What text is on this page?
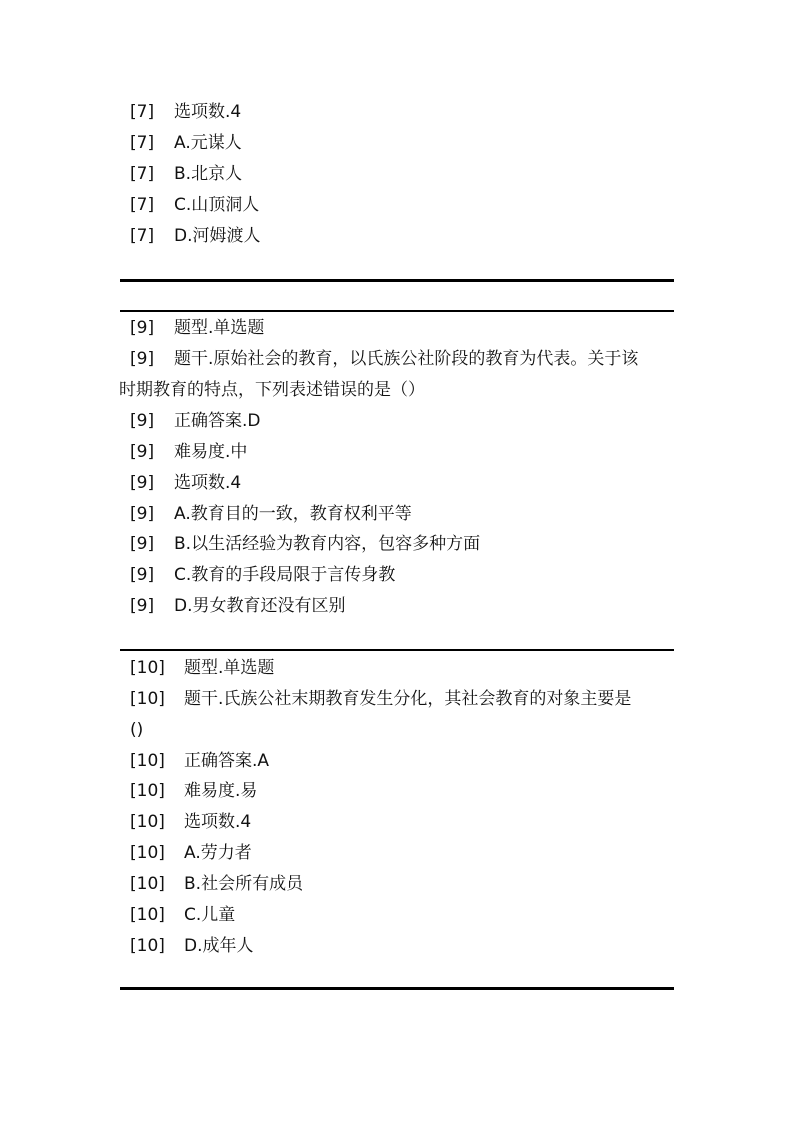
[7] 选项数.4
[7] A.元谋人
[7] B.北京人
[7] C.山顶洞人
[7] D.河姆渡人
[9] 题型.单选题
[9] 题干.原始社会的教育，以氏族公社阶段的教育为代表。关于该
时期教育的特点，下列表述错误的是（）
[9] 正确答案.D
[9] 难易度.中
[9] 选项数.4
[9] A.教育目的一致，教育权利平等
[9] B.以生活经验为教育内容，包容多种方面
[9] C.教育的手段局限于言传身教
[9] D.男女教育还没有区别
[10] 题型.单选题
[10] 题干.氏族公社末期教育发生分化，其社会教育的对象主要是
()
[10] 正确答案.A
[10] 难易度.易
[10] 选项数.4
[10] A.劳力者
[10] B.社会所有成员
[10] C.儿童
[10] D.成年人
